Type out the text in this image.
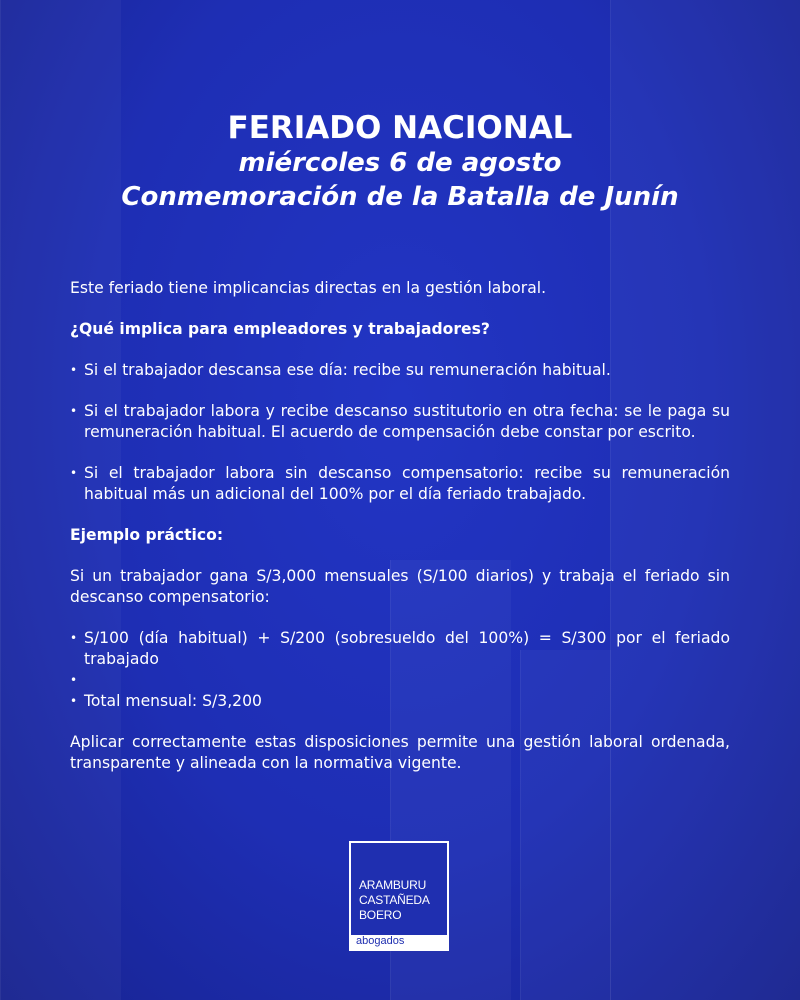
FERIADO NACIONAL
miércoles 6 de agosto
Conmemoración de la Batalla de Junín

Este feriado tiene implicancias directas en la gestión laboral.

¿Qué implica para empleadores y trabajadores?

• Si el trabajador descansa ese día: recibe su remuneración habitual.
• Si el trabajador labora y recibe descanso sustitutorio en otra fecha: se le paga su remuneración habitual. El acuerdo de compensación debe constar por escrito.
• Si el trabajador labora sin descanso compensatorio: recibe su remuneración habitual más un adicional del 100% por el día feriado trabajado.

Ejemplo práctico:

Si un trabajador gana S/3,000 mensuales (S/100 diarios) y trabaja el feriado sin descanso compensatorio:

• S/100 (día habitual) + S/200 (sobresueldo del 100%) = S/300 por el feriado trabajado
•
• Total mensual: S/3,200

Aplicar correctamente estas disposiciones permite una gestión laboral ordenada, transparente y alineada con la normativa vigente.

ARAMBURU
CASTAÑEDA
BOERO
abogados
